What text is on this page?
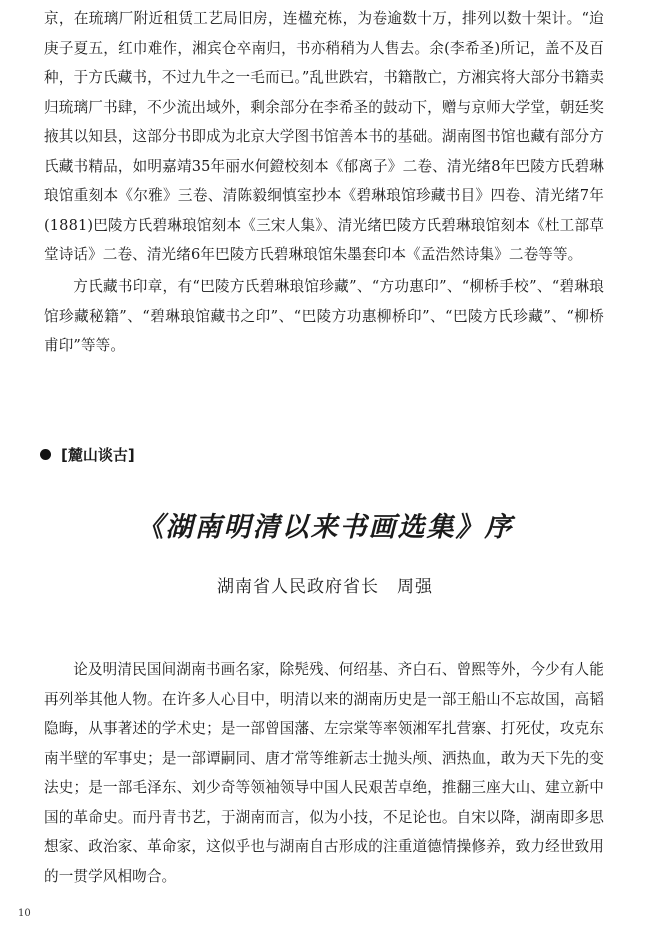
京，在琉璃厂附近租赁工艺局旧房，连楹充栋，为卷逾数十万，排列以数十架计。“迨庚子夏五，红巾难作，湘宾仓卒南归，书亦稍稍为人售去。余(李希圣)所记，盖不及百种，于方氏藏书，不过九牛之一毛而已。”乱世跌宕，书籍散亡，方湘宾将大部分书籍卖归琉璃厂书肆，不少流出域外，剩余部分在李希圣的鼓动下，赠与京师大学堂，朝廷奖掖其以知县，这部分书即成为北京大学图书馆善本书的基础。湖南图书馆也藏有部分方氏藏书精品，如明嘉靖35年丽水何鐙校刻本《郁离子》二卷、清光绪8年巴陵方氏碧琳琅馆重刻本《尔雅》三卷、清陈毅䌹慎室抄本《碧琳琅馆珍藏书目》四卷、清光绪7年(1881)巴陵方氏碧琳琅馆刻本《三宋人集》、清光绪巴陵方氏碧琳琅馆刻本《杜工部草堂诗话》二卷、清光绪6年巴陵方氏碧琳琅馆朱墨套印本《孟浩然诗集》二卷等等。

方氏藏书印章，有“巴陵方氏碧琳琅馆珍藏”、“方功惠印”、“柳桥手校”、“碧琳琅馆珍藏秘籍”、“碧琳琅馆藏书之印”、“巴陵方功惠柳桥印”、“巴陵方氏珍藏”、“柳桥甫印”等等。

[麓山谈古]
《湖南明清以来书画选集》序

湖南省人民政府省长　周强

论及明清民国间湖南书画名家，除髡残、何绍基、齐白石、曾熙等外，今少有人能再列举其他人物。在许多人心目中，明清以来的湖南历史是一部王船山不忘故国，高韬隐晦，从事著述的学术史；是一部曾国藩、左宗棠等率领湘军扎营寨、打死仗，攻克东南半壁的军事史；是一部谭嗣同、唐才常等维新志士抛头颅、洒热血，敢为天下先的变法史；是一部毛泽东、刘少奇等领袖领导中国人民艰苦卓绝，推翻三座大山、建立新中国的革命史。而丹青书艺，于湖南而言，似为小技，不足论也。自宋以降，湖南即多思想家、政治家、革命家，这似乎也与湖南自古形成的注重道德情操修养，致力经世致用的一贯学风相吻合。

10
